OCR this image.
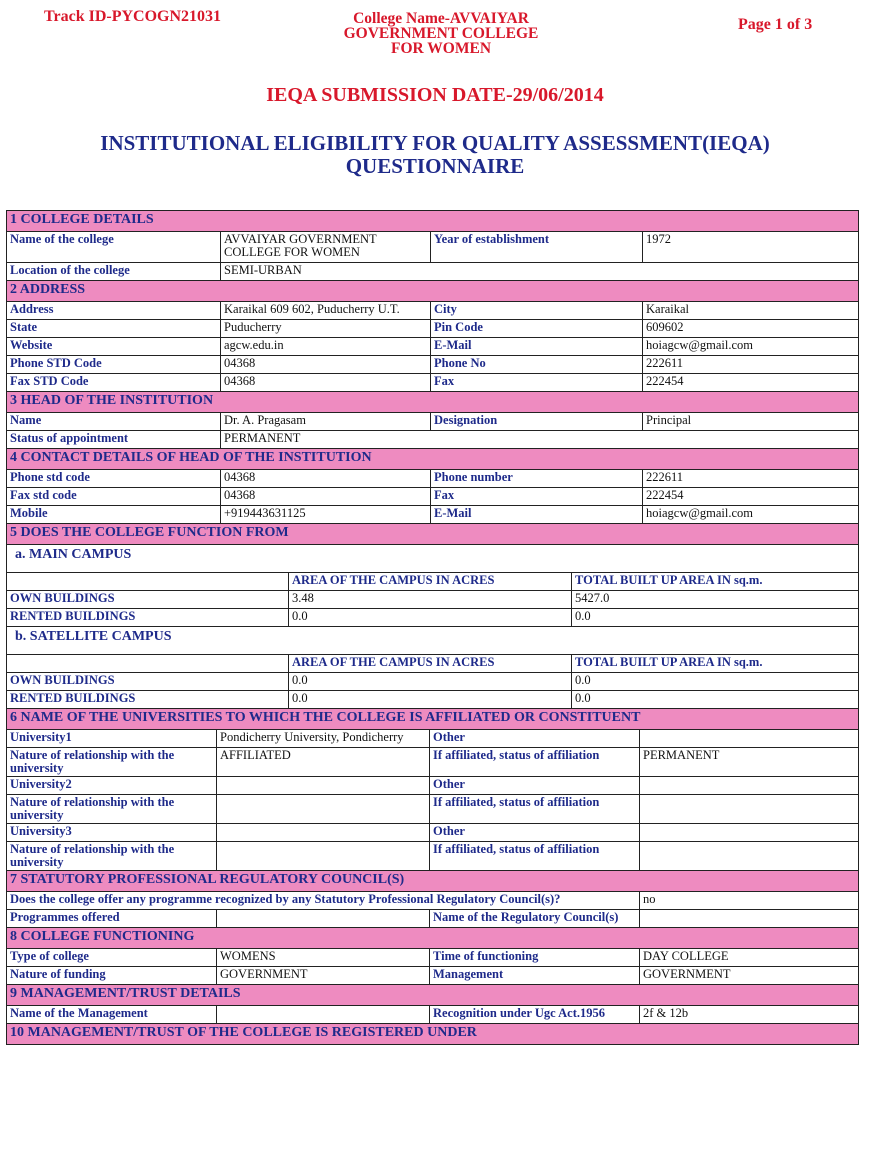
Track ID-PYCOGN21031	College Name-AVVAIYAR
GOVERNMENT COLLEGE
FOR WOMEN
Page 1 of 3
IEQA SUBMISSION DATE-29/06/2014
INSTITUTIONAL ELIGIBILITY FOR QUALITY ASSESSMENT(IEQA)
QUESTIONNAIRE
1 COLLEGE DETAILS			
Name of the college	AVVAIYAR GOVERNMENT COLLEGE FOR WOMEN	Year of establishment	1972
Location of the college	SEMI-URBAN		
2 ADDRESS			
Address	Karaikal 609 602, Puducherry U.T.	City	Karaikal
State	Puducherry	Pin Code	609602
Website	agcw.edu.in	E-Mail	hoiagcw@gmail.com
Phone STD Code	04368	Phone No	222611
Fax STD Code	04368	Fax	222454
3 HEAD OF THE INSTITUTION			
Name	Dr. A. Pragasam	Designation	Principal
Status of appointment	PERMANENT		
4 CONTACT DETAILS OF HEAD OF THE INSTITUTION			
Phone std code	04368	Phone number	222611
Fax std code	04368	Fax	222454
Mobile	+919443631125	E-Mail	hoiagcw@gmail.com
5 DOES THE COLLEGE FUNCTION FROM			
a. MAIN CAMPUS			
	AREA OF THE CAMPUS IN ACRES	TOTAL BUILT UP AREA IN sq.m.
OWN BUILDINGS	3.48	5427.0
RENTED BUILDINGS	0.0	0.0
b. SATELLITE CAMPUS		
	AREA OF THE CAMPUS IN ACRES	TOTAL BUILT UP AREA IN sq.m.
OWN BUILDINGS	0.0	0.0
RENTED BUILDINGS	0.0	0.0
6 NAME OF THE UNIVERSITIES TO WHICH THE COLLEGE IS AFFILIATED OR CONSTITUENT			
University1	Pondicherry University, Pondicherry	Other	
Nature of relationship with the university	AFFILIATED	If affiliated, status of affiliation	PERMANENT
University2		Other	
Nature of relationship with the university		If affiliated, status of affiliation	
University3		Other	
Nature of relationship with the university		If affiliated, status of affiliation	
7 STATUTORY PROFESSIONAL REGULATORY COUNCIL(S)			
Does the college offer any programme recognized by any Statutory Professional Regulatory Council(s)?			no
Programmes offered		Name of the Regulatory Council(s)	
8 COLLEGE FUNCTIONING			
Type of college	WOMENS	Time of functioning	DAY COLLEGE
Nature of funding	GOVERNMENT	Management	GOVERNMENT
9 MANAGEMENT/TRUST DETAILS			
Name of the Management		Recognition under Ugc Act.1956	2f & 12b
10 MANAGEMENT/TRUST OF THE COLLEGE IS REGISTERED UNDER			
